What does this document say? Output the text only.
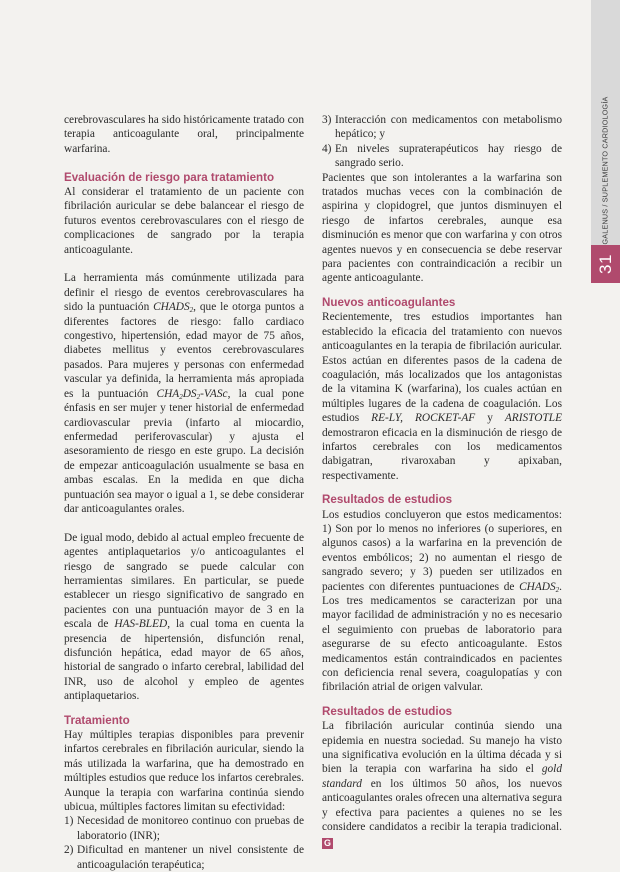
GALENUS / SUPLEMENTO CARDIOLOGÍA
31

cerebrovasculares ha sido históricamente tratado con terapia anticoagulante oral, principalmente warfarina.

Evaluación de riesgo para tratamiento

Al considerar el tratamiento de un paciente con fibrilación auricular se debe balancear el riesgo de futuros eventos cerebrovasculares con el riesgo de complicaciones de sangrado por la terapia anticoagulante.

La herramienta más comúnmente utilizada para definir el riesgo de eventos cerebrovasculares ha sido la puntuación $CHADS_2$, que le otorga puntos a diferentes factores de riesgo: fallo cardiaco congestivo, hipertensión, edad mayor de 75 años, diabetes mellitus y eventos cerebrovasculares pasados. Para mujeres y personas con enfermedad vascular ya definida, la herramienta más apropiada es la puntuación $CHA_2DS_2$-VASc, la cual pone énfasis en ser mujer y tener historial de enfermedad cardiovascular previa (infarto al miocardio, enfermedad periferovascular) y ajusta el asesoramiento de riesgo en este grupo. La decisión de empezar anticoagulación usualmente se basa en ambas escalas. En la medida en que dicha puntuación sea mayor o igual a 1, se debe considerar dar anticoagulantes orales.

De igual modo, debido al actual empleo frecuente de agentes antiplaquetarios y/o anticoagulantes el riesgo de sangrado se puede calcular con herramientas similares. En particular, se puede establecer un riesgo significativo de sangrado en pacientes con una puntuación mayor de 3 en la escala de HAS-BLED, la cual toma en cuenta la presencia de hipertensión, disfunción renal, disfunción hepática, edad mayor de 65 años, historial de sangrado o infarto cerebral, labilidad del INR, uso de alcohol y empleo de agentes antiplaquetarios.

Tratamiento

Hay múltiples terapias disponibles para prevenir infartos cerebrales en fibrilación auricular, siendo la más utilizada la warfarina, que ha demostrado en múltiples estudios que reduce los infartos cerebrales. Aunque la terapia con warfarina continúa siendo ubicua, múltiples factores limitan su efectividad:

1) Necesidad de monitoreo continuo con pruebas de laboratorio (INR);
2) Dificultad en mantener un nivel consistente de anticoagulación terapéutica;
3) Interacción con medicamentos con metabolismo hepático; y
4) En niveles supraterapéuticos hay riesgo de sangrado serio.

Pacientes que son intolerantes a la warfarina son tratados muchas veces con la combinación de aspirina y clopidogrel, que juntos disminuyen el riesgo de infartos cerebrales, aunque esa disminución es menor que con warfarina y con otros agentes nuevos y en consecuencia se debe reservar para pacientes con contraindicación a recibir un agente anticoagulante.

Nuevos anticoagulantes

Recientemente, tres estudios importantes han establecido la eficacia del tratamiento con nuevos anticoagulantes en la terapia de fibrilación auricular. Estos actúan en diferentes pasos de la cadena de coagulación, más localizados que los antagonistas de la vitamina K (warfarina), los cuales actúan en múltiples lugares de la cadena de coagulación. Los estudios RE-LY, ROCKET-AF y ARISTOTLE demostraron eficacia en la disminución de riesgo de infartos cerebrales con los medicamentos dabigatran, rivaroxaban y apixaban, respectivamente.

Resultados de estudios

Los estudios concluyeron que estos medicamentos: 1) Son por lo menos no inferiores (o superiores, en algunos casos) a la warfarina en la prevención de eventos embólicos; 2) no aumentan el riesgo de sangrado severo; y 3) pueden ser utilizados en pacientes con diferentes puntuaciones de $CHADS_2$. Los tres medicamentos se caracterizan por una mayor facilidad de administración y no es necesario el seguimiento con pruebas de laboratorio para asegurarse de su efecto anticoagulante. Estos medicamentos están contraindicados en pacientes con deficiencia renal severa, coagulopatías y con fibrilación atrial de origen valvular.

Resultados de estudios

La fibrilación auricular continúa siendo una epidemia en nuestra sociedad. Su manejo ha visto una significativa evolución en la última década y si bien la terapia con warfarina ha sido el gold standard en los últimos 50 años, los nuevos anticoagulantes orales ofrecen una alternativa segura y efectiva para pacientes a quienes no se les considere candidatos a recibir la terapia tradicional. G
